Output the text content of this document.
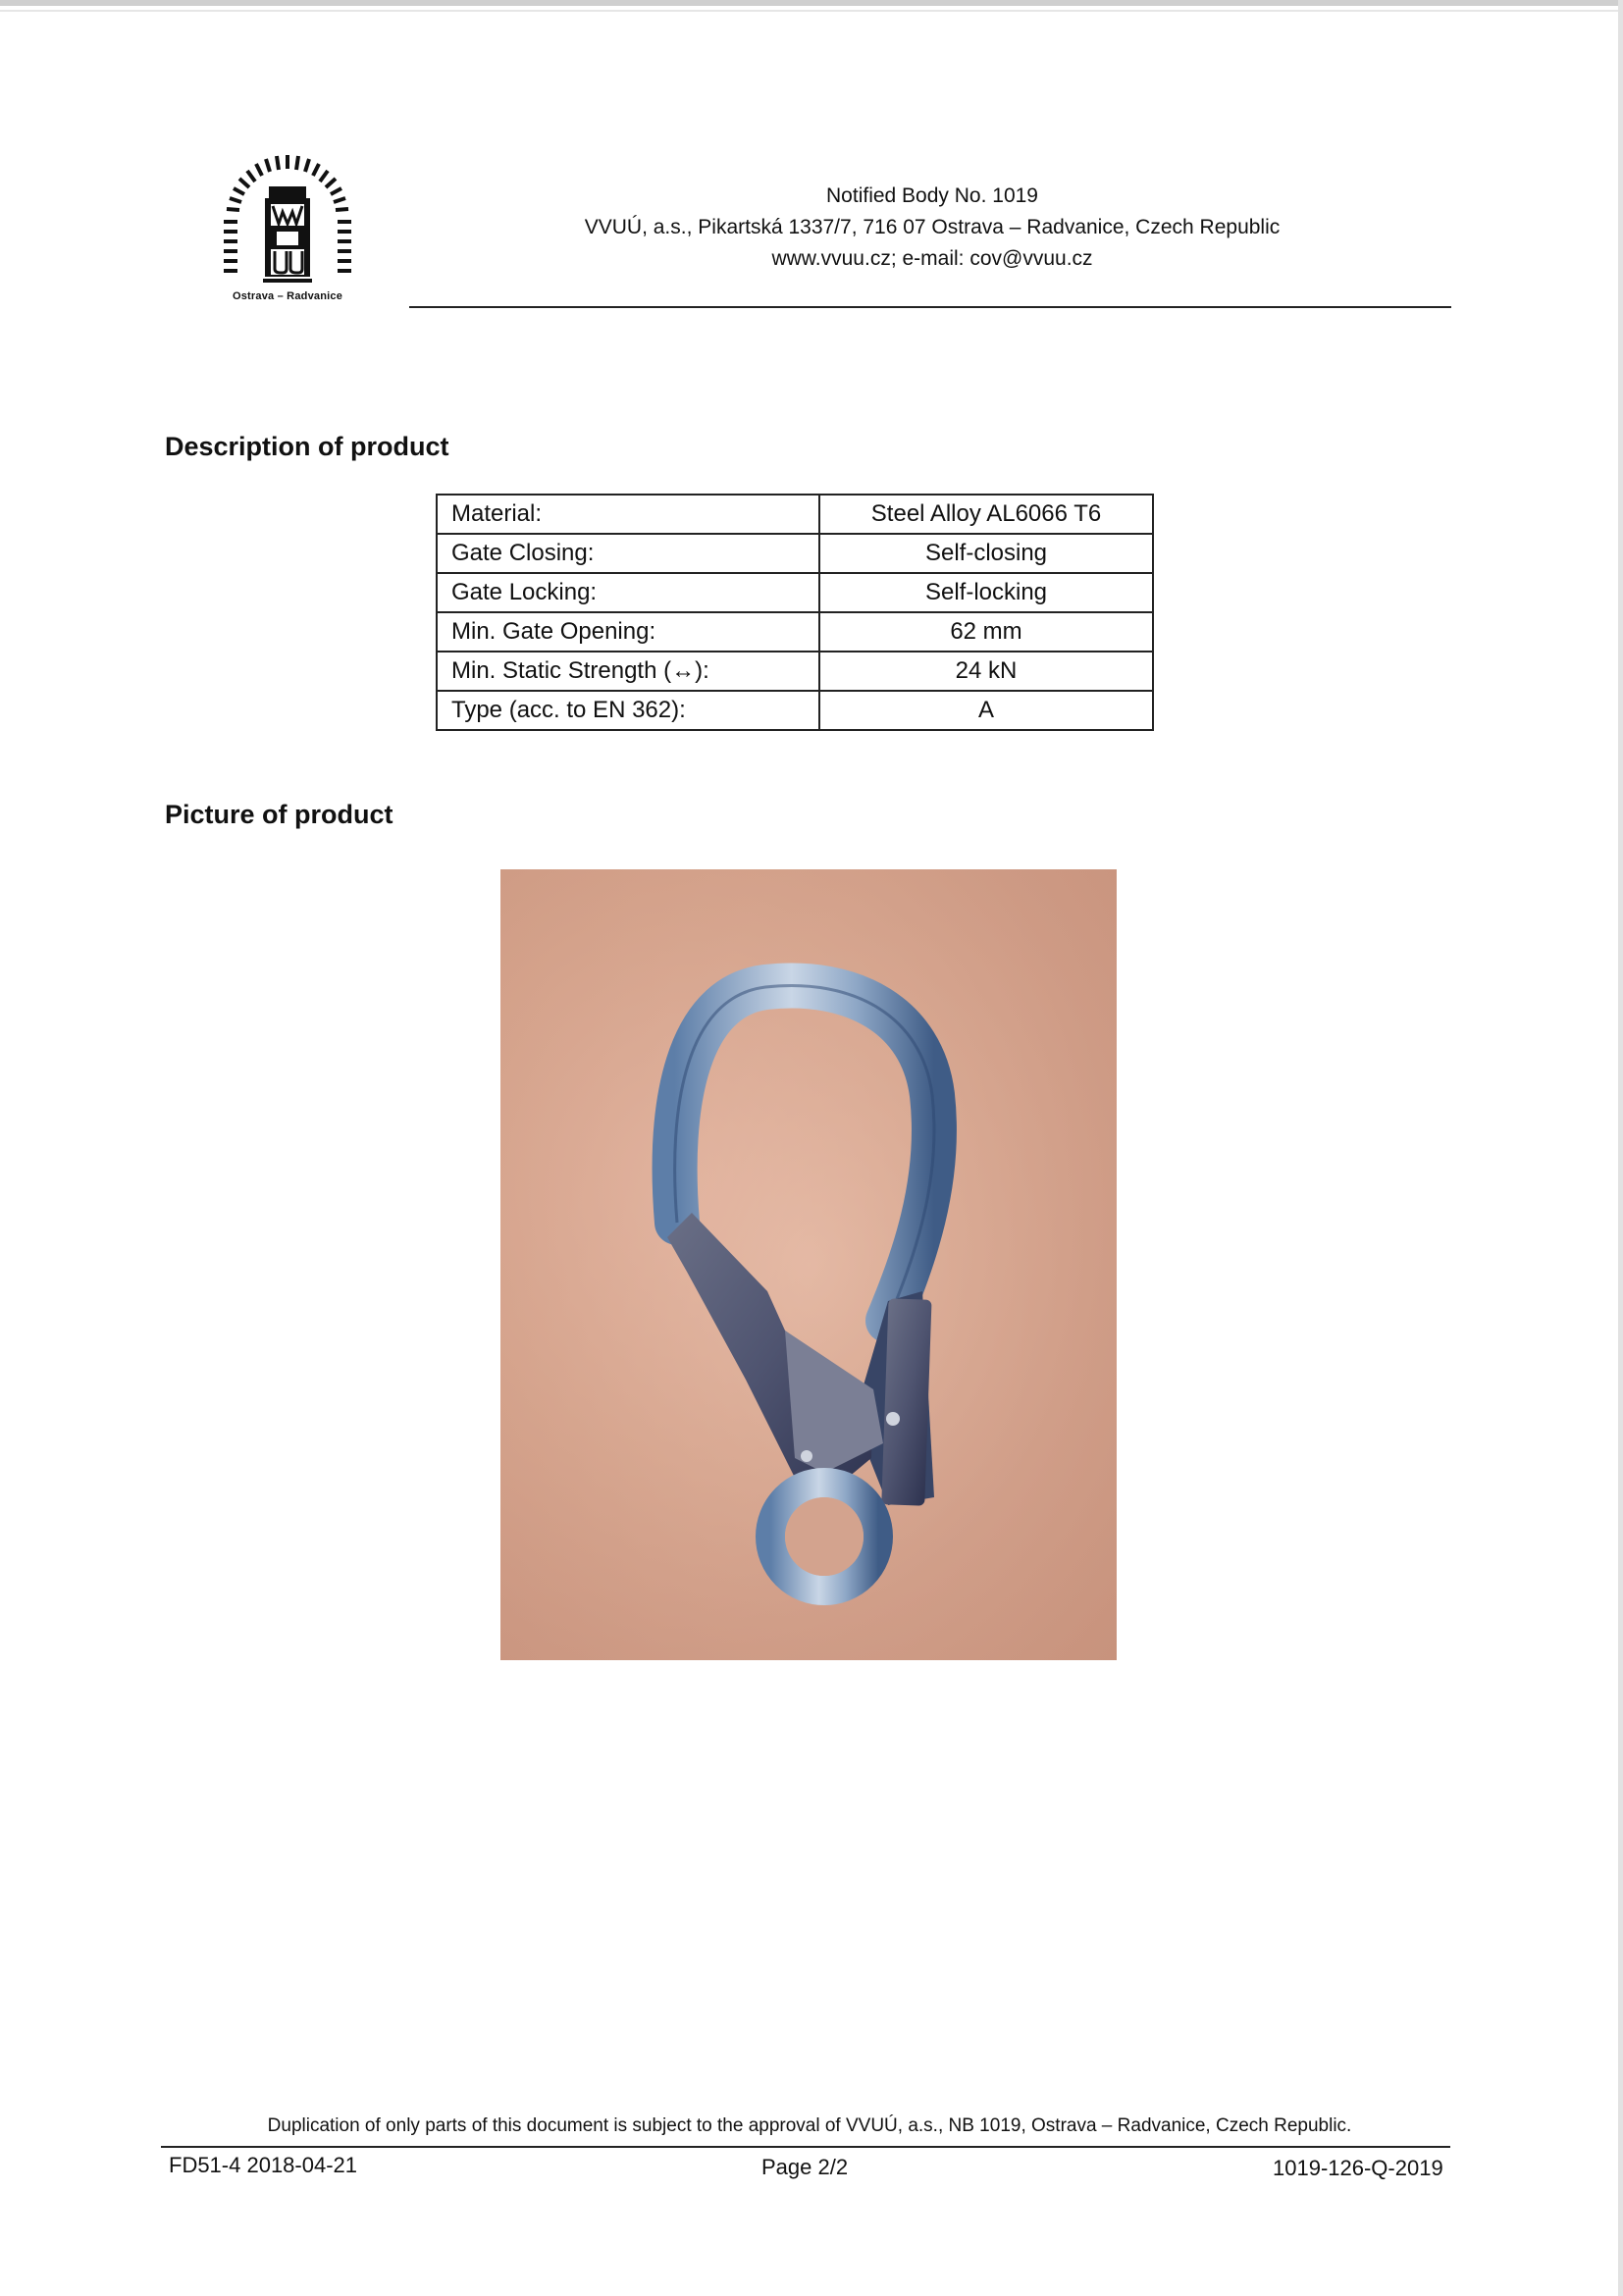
Ostrava – Radvanice
Notified Body No. 1019
VVUÚ, a.s., Pikartská 1337/7, 716 07 Ostrava – Radvanice, Czech Republic
www.vvuu.cz; e-mail: cov@vvuu.cz
Description of product
Material:	Steel Alloy AL6066 T6
Gate Closing:	Self-closing
Gate Locking:	Self-locking
Min. Gate Opening:	62 mm
Min. Static Strength (↔):	24 kN
Type (acc. to EN 362):	A
Picture of product
Duplication of only parts of this document is subject to the approval of VVUÚ, a.s., NB 1019, Ostrava – Radvanice, Czech Republic.
FD51-4 2018-04-21	Page 2/2	1019-126-Q-2019
